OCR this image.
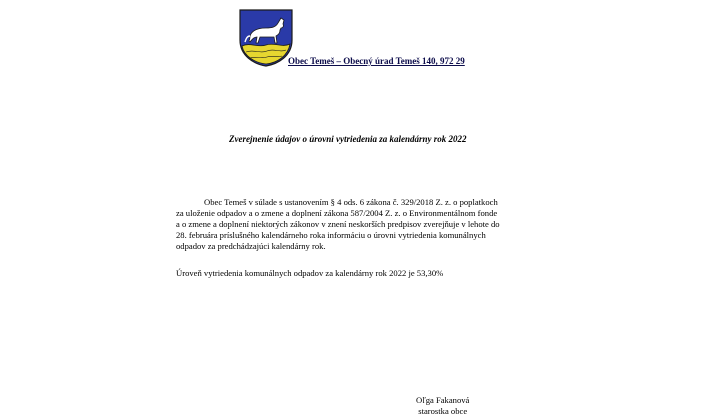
Obec Temeš – Obecný úrad Temeš 140, 972 29
Zverejnenie údajov o úrovni vytriedenia za kalendárny rok 2022

Obec Temeš v súlade s ustanovením § 4 ods. 6 zákona č. 329/2018 Z. z. o poplatkoch
za uloženie odpadov a o zmene a doplnení zákona 587/2004 Z. z. o Environmentálnom fonde
a o zmene a doplnení niektorých zákonov v znení neskorších predpisov zverejňuje v lehote do
28. februára príslušného kalendárneho roka informáciu o úrovni vytriedenia komunálnych
odpadov za predchádzajúci kalendárny rok.

Úroveň vytriedenia komunálnych odpadov za kalendárny rok 2022 je 53,30%
Oľga Fakanová
starostka obce
